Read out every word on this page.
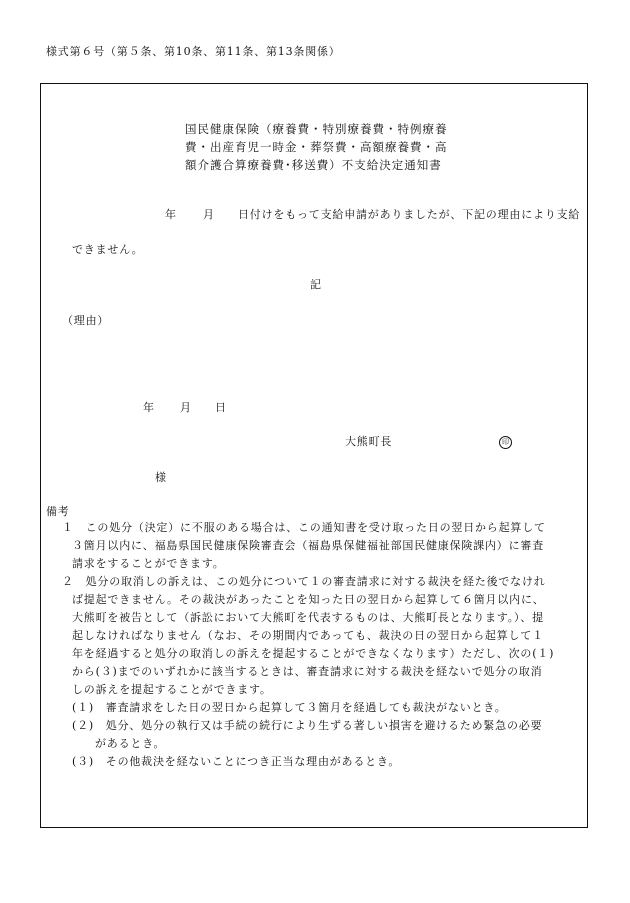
様式第６号（第５条、第10条、第11条、第13条関係）
国民健康保険（療養費・特別療養費・特例療養
費・出産育児一時金・葬祭費・高額療養費・高
額介護合算療養費･移送費）不支給決定通知書
年 月 日付けをもって支給申請がありましたが、下記の理由により支給
できません。
記
（理由）
年 月 日
大熊町長	印
様
備考
１　この処分（決定）に不服のある場合は、この通知書を受け取った日の翌日から起算して
３箇月以内に、福島県国民健康保険審査会（福島県保健福祉部国民健康保険課内）に審査
請求をすることができます。
２　処分の取消しの訴えは、この処分について１の審査請求に対する裁決を経た後でなけれ
ば提起できません。その裁決があったことを知った日の翌日から起算して６箇月以内に、
大熊町を被告として（訴訟において大熊町を代表するものは、大熊町長となります。）、提
起しなければなりません（なお、その期間内であっても、裁決の日の翌日から起算して１
年を経過すると処分の取消しの訴えを提起することができなくなります）ただし、次の(１)
から(３)までのいずれかに該当するときは、審査請求に対する裁決を経ないで処分の取消
しの訴えを提起することができます。
(１)　審査請求をした日の翌日から起算して３箇月を経過しても裁決がないとき。
(２)　処分、処分の執行又は手続の続行により生ずる著しい損害を避けるため緊急の必要
があるとき。
(３)　その他裁決を経ないことにつき正当な理由があるとき。
